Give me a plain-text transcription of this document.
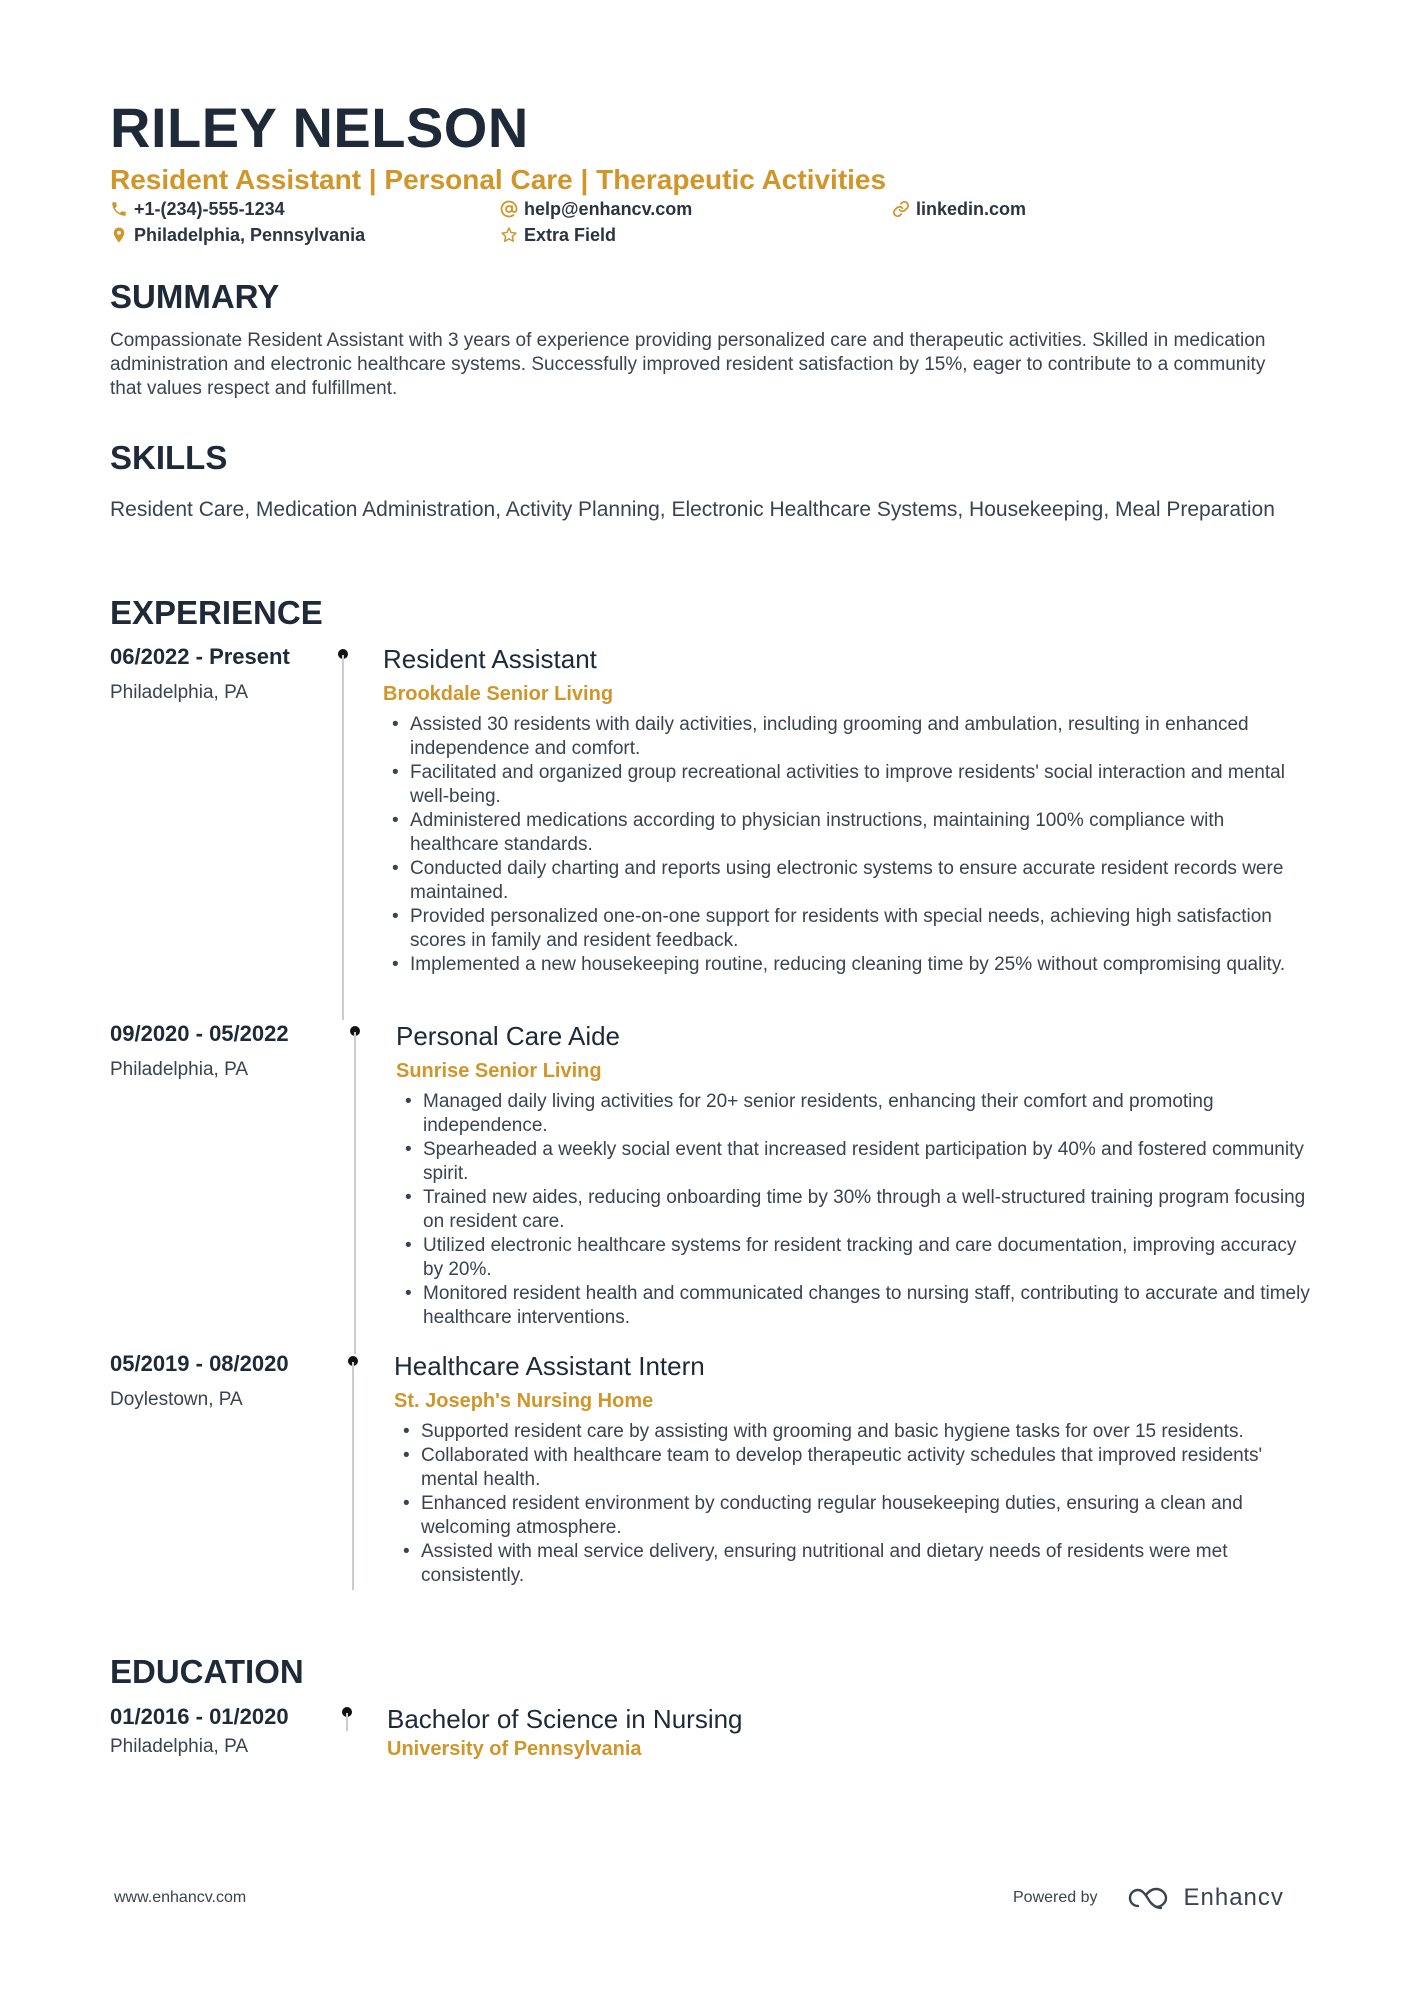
RILEY NELSON
Resident Assistant | Personal Care | Therapeutic Activities
+1-(234)-555-1234	help@enhancv.com	linkedin.com
Philadelphia, Pennsylvania	Extra Field
SUMMARY
Compassionate Resident Assistant with 3 years of experience providing personalized care and therapeutic activities. Skilled in medication administration and electronic healthcare systems. Successfully improved resident satisfaction by 15%, eager to contribute to a community that values respect and fulfillment.
SKILLS
Resident Care, Medication Administration, Activity Planning, Electronic Healthcare Systems, Housekeeping, Meal Preparation
EXPERIENCE
06/2022 - Present
Philadelphia, PA
Resident Assistant
Brookdale Senior Living
• Assisted 30 residents with daily activities, including grooming and ambulation, resulting in enhanced independence and comfort.
• Facilitated and organized group recreational activities to improve residents' social interaction and mental well-being.
• Administered medications according to physician instructions, maintaining 100% compliance with healthcare standards.
• Conducted daily charting and reports using electronic systems to ensure accurate resident records were maintained.
• Provided personalized one-on-one support for residents with special needs, achieving high satisfaction scores in family and resident feedback.
• Implemented a new housekeeping routine, reducing cleaning time by 25% without compromising quality.
09/2020 - 05/2022
Philadelphia, PA
Personal Care Aide
Sunrise Senior Living
• Managed daily living activities for 20+ senior residents, enhancing their comfort and promoting independence.
• Spearheaded a weekly social event that increased resident participation by 40% and fostered community spirit.
• Trained new aides, reducing onboarding time by 30% through a well-structured training program focusing on resident care.
• Utilized electronic healthcare systems for resident tracking and care documentation, improving accuracy by 20%.
• Monitored resident health and communicated changes to nursing staff, contributing to accurate and timely healthcare interventions.
05/2019 - 08/2020
Doylestown, PA
Healthcare Assistant Intern
St. Joseph's Nursing Home
• Supported resident care by assisting with grooming and basic hygiene tasks for over 15 residents.
• Collaborated with healthcare team to develop therapeutic activity schedules that improved residents' mental health.
• Enhanced resident environment by conducting regular housekeeping duties, ensuring a clean and welcoming atmosphere.
• Assisted with meal service delivery, ensuring nutritional and dietary needs of residents were met consistently.
EDUCATION
01/2016 - 01/2020
Philadelphia, PA
Bachelor of Science in Nursing
University of Pennsylvania
www.enhancv.com	Powered by	Enhancv
